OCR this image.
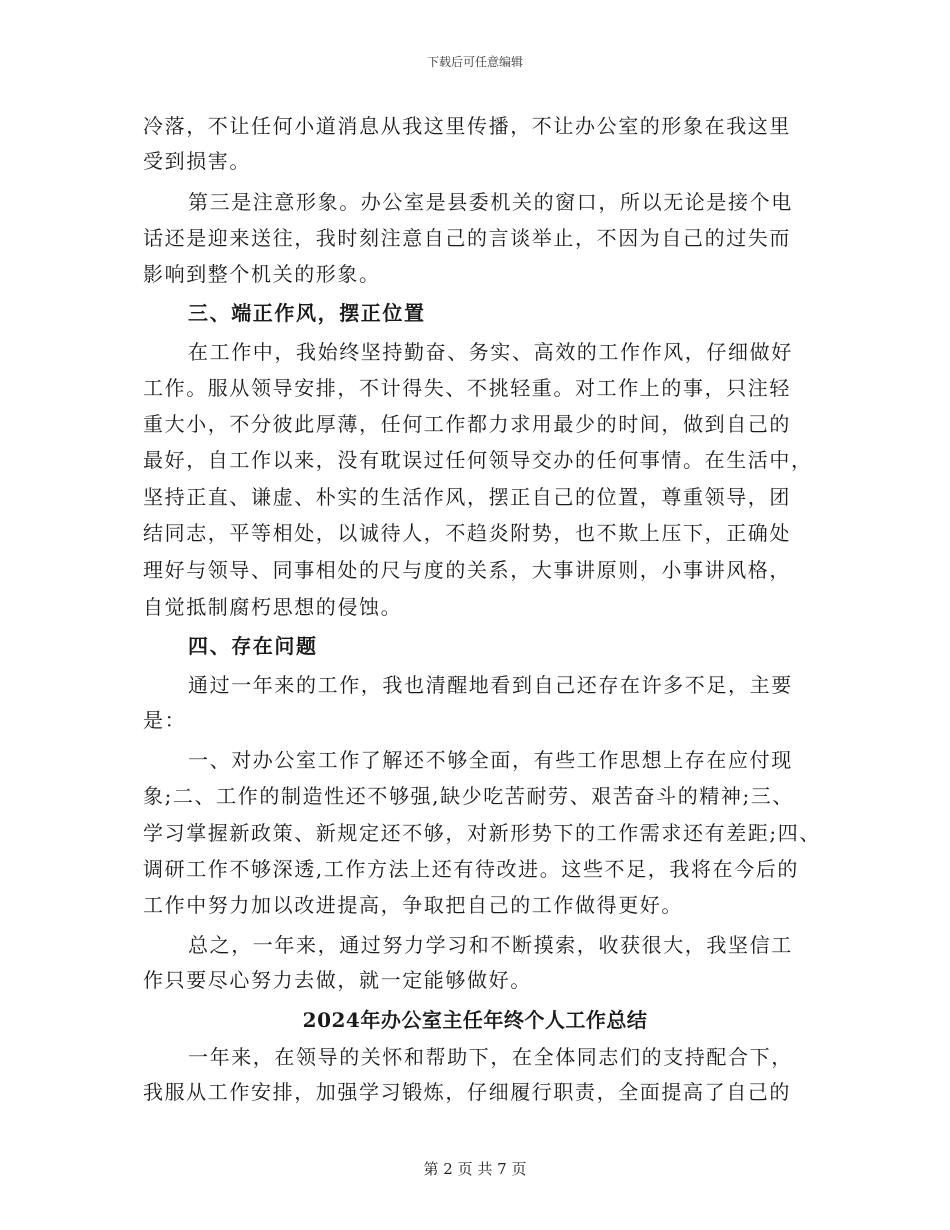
下载后可任意编辑
冷落，不让任何小道消息从我这里传播，不让办公室的形象在我这里
受到损害。
第三是注意形象。办公室是县委机关的窗口，所以无论是接个电
话还是迎来送往，我时刻注意自己的言谈举止，不因为自己的过失而
影响到整个机关的形象。
三、端正作风，摆正位置
在工作中，我始终坚持勤奋、务实、高效的工作作风，仔细做好
工作。服从领导安排，不计得失、不挑轻重。对工作上的事，只注轻
重大小，不分彼此厚薄，任何工作都力求用最少的时间，做到自己的
最好，自工作以来，没有耽误过任何领导交办的任何事情。在生活中，
坚持正直、谦虚、朴实的生活作风，摆正自己的位置，尊重领导，团
结同志，平等相处，以诚待人，不趋炎附势，也不欺上压下，正确处
理好与领导、同事相处的尺与度的关系，大事讲原则，小事讲风格，
自觉抵制腐朽思想的侵蚀。
四、存在问题
通过一年来的工作，我也清醒地看到自己还存在许多不足，主要
是：
一、对办公室工作了解还不够全面，有些工作思想上存在应付现
象;二、工作的制造性还不够强,缺少吃苦耐劳、艰苦奋斗的精神;三、
学习掌握新政策、新规定还不够，对新形势下的工作需求还有差距;四、
调研工作不够深透,工作方法上还有待改进。这些不足，我将在今后的
工作中努力加以改进提高，争取把自己的工作做得更好。
总之，一年来，通过努力学习和不断摸索，收获很大，我坚信工
作只要尽心努力去做，就一定能够做好。
2024年办公室主任年终个人工作总结
一年来，在领导的关怀和帮助下，在全体同志们的支持配合下，
我服从工作安排，加强学习锻炼，仔细履行职责，全面提高了自己的
第 2 页 共 7 页
